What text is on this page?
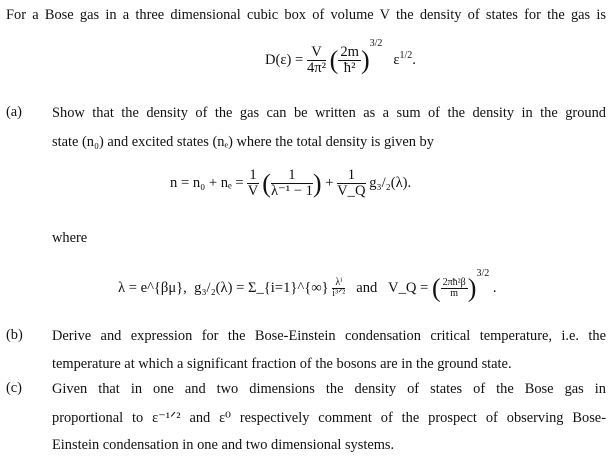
For a Bose gas in a three dimensional cubic box of volume V the density of states for the gas is
$D(\varepsilon) = \frac{V}{\text{4π²}}$ ( $\frac{2m}{\text{ħ²}} )^{3/2}$   $\varepsilon^{1/2}$.
(a) Show that the density of the gas can be written as a sum of the density in the ground
state (n₀) and excited states (nₑ) where the total density is given by
$n = n_0 + n_e = \frac{1}{V}$ ( $\frac{1}{\text{λ⁻¹ − 1}}$ ) + $\frac{1}{V\_Q} g_3/_2(\lambda)$.
where
λ = e^{βμ}, g₃/₂(λ) = Σ_{i=1}^{∞} $\frac{\text{λⁱ}}{\text{i³ᐟ²}}$ and V_Q = ( $\frac{\text{2πħ²β}}{m} )^{3/2}$ .
(b) Derive and expression for the Bose-Einstein condensation critical temperature, i.e. the
temperature at which a significant fraction of the bosons are in the ground state.
(c) Given that in one and two dimensions the density of states of the Bose gas in
proportional to ε⁻¹ᐟ² and ε⁰ respectively comment of the prospect of observing Bose-
Einstein condensation in one and two dimensional systems.
